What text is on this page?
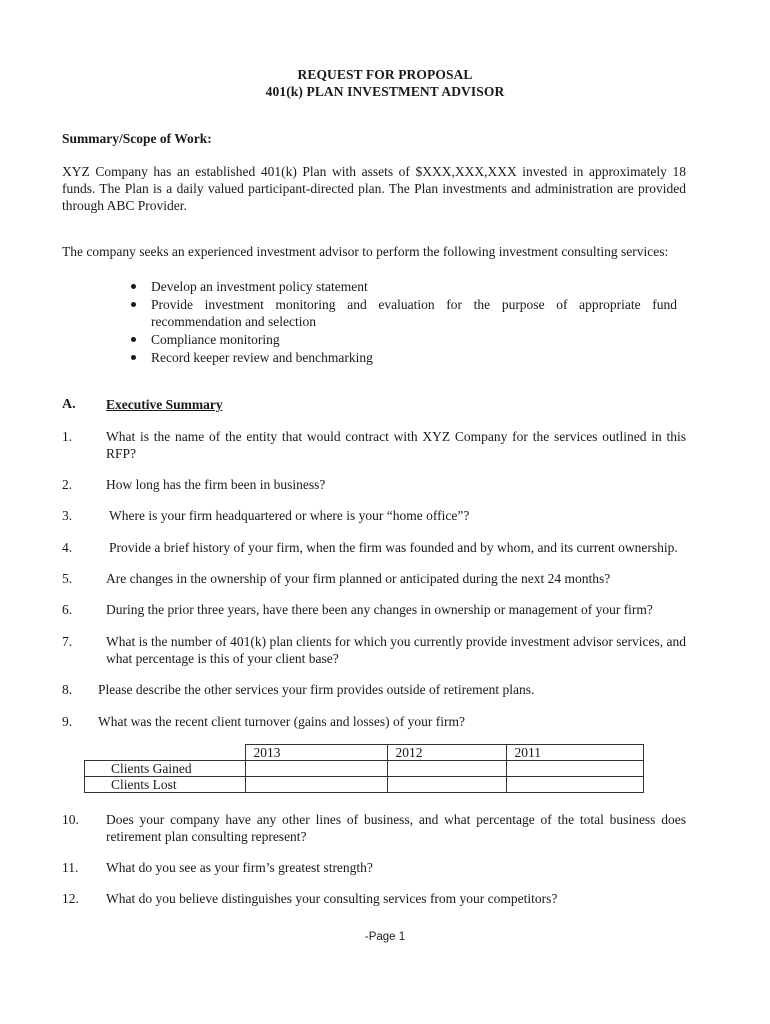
REQUEST FOR PROPOSAL
401(k) PLAN INVESTMENT ADVISOR
Summary/Scope of Work:
XYZ Company has an established 401(k) Plan with assets of $XXX,XXX,XXX invested in approximately 18 funds. The Plan is a daily valued participant-directed plan. The Plan investments and administration are provided through ABC Provider.
The company seeks an experienced investment advisor to perform the following investment consulting services:
Develop an investment policy statement
Provide investment monitoring and evaluation for the purpose of appropriate fund recommendation and selection
Compliance monitoring
Record keeper review and benchmarking
A. Executive Summary
1.	What is the name of the entity that would contract with XYZ Company for the services outlined in this RFP?
2.	How long has the firm been in business?
3.	Where is your firm headquartered or where is your “home office”?
4.	Provide a brief history of your firm, when the firm was founded and by whom, and its current ownership.
5.	Are changes in the ownership of your firm planned or anticipated during the next 24 months?
6.	During the prior three years, have there been any changes in ownership or management of your firm?
7.	What is the number of 401(k) plan clients for which you currently provide investment advisor services, and what percentage is this of your client base?
8. Please describe the other services your firm provides outside of retirement plans.
9. What was the recent client turnover (gains and losses) of your firm?
	2013	2012	2011
Clients Gained			
Clients Lost			
10. Does your company have any other lines of business, and what percentage of the total business does retirement plan consulting represent?
11. What do you see as your firm’s greatest strength?
12. What do you believe distinguishes your consulting services from your competitors?
-Page 1
